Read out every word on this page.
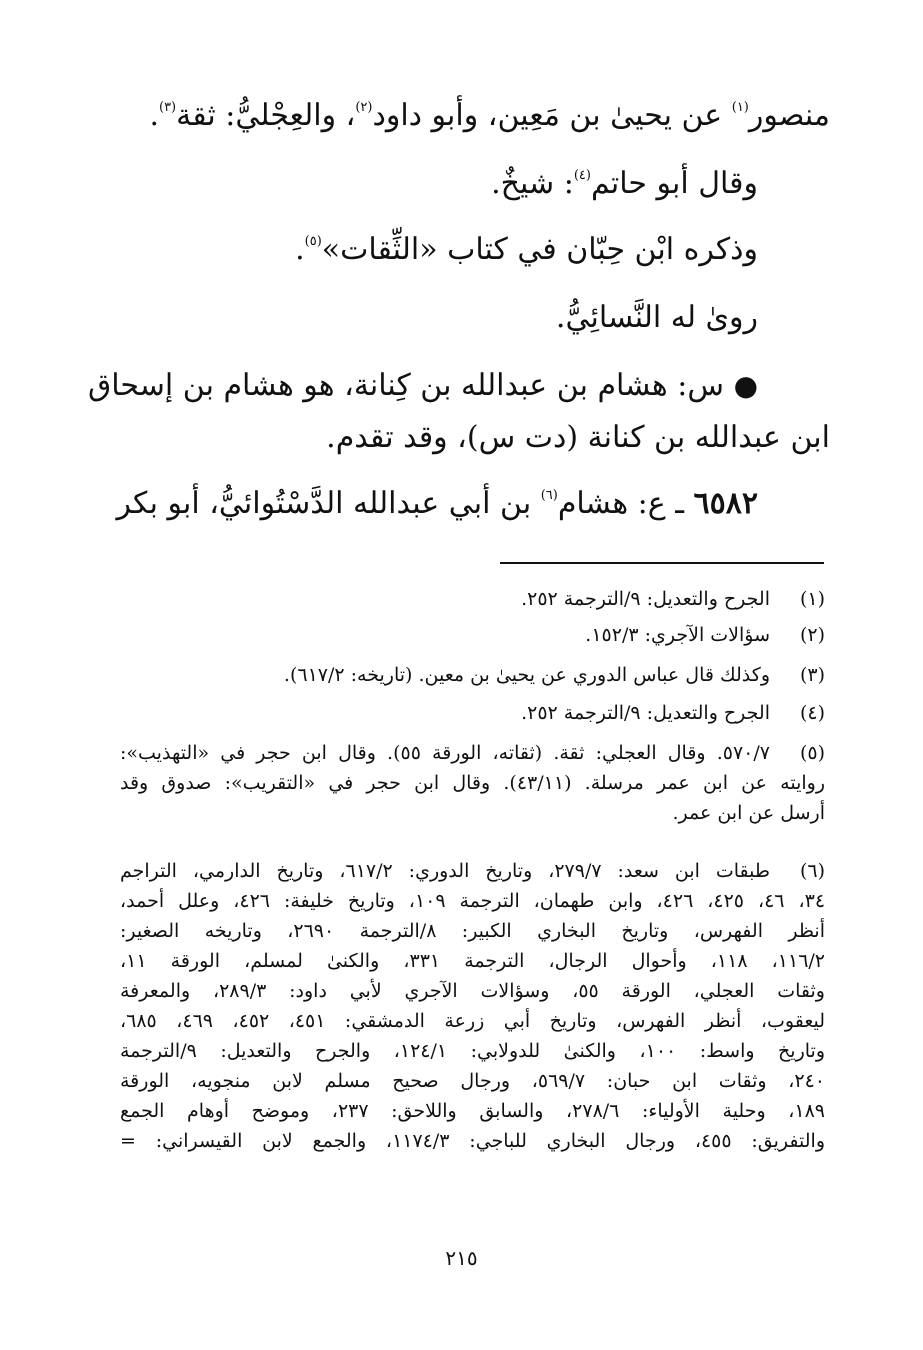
منصور$^{(١)}$ عن يحيىٰ بن مَعِين، وأبو داود$^{(٢)}$، والعِجْليُّ: ثقة$^{(٣)}$.
وقال أبو حاتم$^{(٤)}$: شيخٌ.
وذكره ابْن حِبّان في كتاب «الثِّقات»$^{(٥)}$.
روىٰ له النَّسائِيُّ.
● س: هشام بن عبدالله بن كِنانة، هو هشام بن إسحاق
ابن عبدالله بن كنانة (دت س)، وقد تقدم.
٦٥٨٢ ـ ع: هشام$^{(٦)}$ بن أبي عبدالله الدَّسْتُوائيُّ، أبو بكر
(١)
الجرح والتعديل: ٩/الترجمة ٢٥٢.
(٢)
سؤالات الآجري: ١٥٢/٣.
(٣)
وكذلك قال عباس الدوري عن يحيىٰ بن معين. (تاريخه: ٦١٧/٢).
(٤)
الجرح والتعديل: ٩/الترجمة ٢٥٢.
(٥)
٥٧٠/٧. وقال العجلي: ثقة. (ثقاته، الورقة ٥٥). وقال ابن حجر في «التهذيب»:
روايته عن ابن عمر مرسلة. (٤٣/١١). وقال ابن حجر في «التقريب»: صدوق وقد
أرسل عن ابن عمر.
(٦)
طبقات ابن سعد: ٢٧٩/٧، وتاريخ الدوري: ٦١٧/٢، وتاريخ الدارمي، التراجم
٣٤، ٤٦، ٤٢٥، ٤٢٦، وابن طهمان، الترجمة ١٠٩، وتاريخ خليفة: ٤٢٦، وعلل أحمد،
أنظر الفهرس، وتاريخ البخاري الكبير: ٨/الترجمة ٢٦٩٠، وتاريخه الصغير:
١١٦/٢، ١١٨، وأحوال الرجال، الترجمة ٣٣١، والكنىٰ لمسلم، الورقة ١١،
وثقات العجلي، الورقة ٥٥، وسؤالات الآجري لأبي داود: ٢٨٩/٣، والمعرفة
ليعقوب، أنظر الفهرس، وتاريخ أبي زرعة الدمشقي: ٤٥١، ٤٥٢، ٤٦٩، ٦٨٥،
وتاريخ واسط: ١٠٠، والكنىٰ للدولابي: ١٢٤/١، والجرح والتعديل: ٩/الترجمة
٢٤٠، وثقات ابن حبان: ٥٦٩/٧، ورجال صحيح مسلم لابن منجويه، الورقة
١٨٩، وحلية الأولياء: ٢٧٨/٦، والسابق واللاحق: ٢٣٧، وموضح أوهام الجمع
والتفريق: ٤٥٥، ورجال البخاري للباجي: ١١٧٤/٣، والجمع لابن القيسراني: =
٢١٥
